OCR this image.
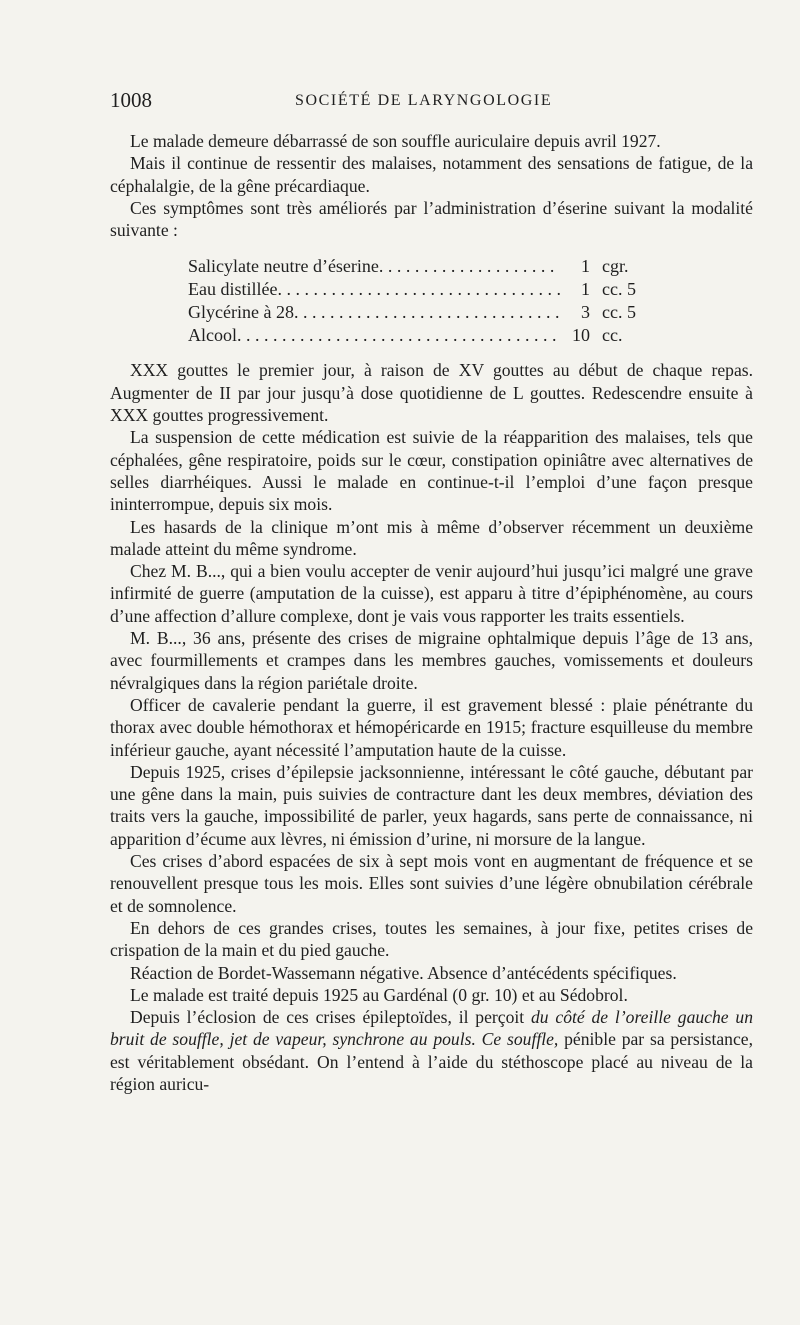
1008	SOCIÉTÉ DE LARYNGOLOGIE

Le malade demeure débarrassé de son souffle auriculaire depuis avril 1927.

Mais il continue de ressentir des malaises, notamment des sensations de fatigue, de la céphalalgie, de la gêne précardiaque.

Ces symptômes sont très améliorés par l’administration d’éserine suivant la modalité suivante :

Salicylate neutre d’éserine. . . .	1 cgr.
Eau distillée. . . .	1 cc. 5
Glycérine à 28. . . .	3 cc. 5
Alcool. . . .	10 cc.

XXX gouttes le premier jour, à raison de XV gouttes au début de chaque repas. Augmenter de II par jour jusqu’à dose quotidienne de L gouttes. Redescendre ensuite à XXX gouttes progressivement.

La suspension de cette médication est suivie de la réapparition des malaises, tels que céphalées, gêne respiratoire, poids sur le cœur, constipation opiniâtre avec alternatives de selles diarrhéiques. Aussi le malade en continue-t-il l’emploi d’une façon presque ininterrompue, depuis six mois.

Les hasards de la clinique m’ont mis à même d’observer récemment un deuxième malade atteint du même syndrome.

Chez M. B..., qui a bien voulu accepter de venir aujourd’hui jusqu’ici malgré une grave infirmité de guerre (amputation de la cuisse), est apparu à titre d’épiphénomène, au cours d’une affection d’allure complexe, dont je vais vous rapporter les traits essentiels.

M. B..., 36 ans, présente des crises de migraine ophtalmique depuis l’âge de 13 ans, avec fourmillements et crampes dans les membres gauches, vomissements et douleurs névralgiques dans la région pariétale droite.

Officer de cavalerie pendant la guerre, il est gravement blessé : plaie pénétrante du thorax avec double hémothorax et hémopéricarde en 1915; fracture esquilleuse du membre inférieur gauche, ayant nécessité l’amputation haute de la cuisse.

Depuis 1925, crises d’épilepsie jacksonnienne, intéressant le côté gauche, débutant par une gêne dans la main, puis suivies de contracture dant les deux membres, déviation des traits vers la gauche, impossibilité de parler, yeux hagards, sans perte de connaissance, ni apparition d’écume aux lèvres, ni émission d’urine, ni morsure de la langue.

Ces crises d’abord espacées de six à sept mois vont en augmentant de fréquence et se renouvellent presque tous les mois. Elles sont suivies d’une légère obnubilation cérébrale et de somnolence.

En dehors de ces grandes crises, toutes les semaines, à jour fixe, petites crises de crispation de la main et du pied gauche.

Réaction de Bordet-Wassemann négative. Absence d’antécédents spécifiques.

Le malade est traité depuis 1925 au Gardénal (0 gr. 10) et au Sédobrol.

Depuis l’éclosion de ces crises épileptoïdes, il perçoit du côté de l’oreille gauche un bruit de souffle, jet de vapeur, synchrone au pouls. Ce souffle, pénible par sa persistance, est véritablement obsédant. On l’entend à l’aide du stéthoscope placé au niveau de la région auricu-
